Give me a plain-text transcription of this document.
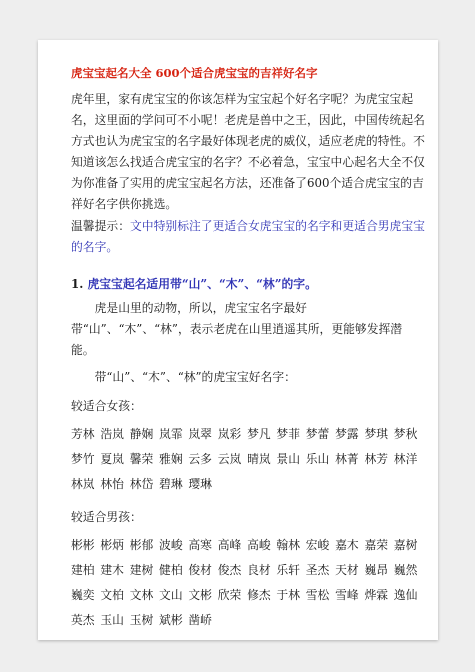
虎宝宝起名大全 600个适合虎宝宝的吉祥好名字

虎年里，家有虎宝宝的你该怎样为宝宝起个好名字呢？为虎宝宝起名，这里面的学问可不小呢！老虎是兽中之王，因此，中国传统起名方式也认为虎宝宝的名字最好体现老虎的威仪，适应老虎的特性。不知道该怎么找适合虎宝宝的名字？不必着急，宝宝中心起名大全不仅为你准备了实用的虎宝宝起名方法，还准备了600个适合虎宝宝的吉祥好名字供你挑选。

温馨提示：文中特别标注了更适合女虎宝宝的名字和更适合男虎宝宝的名字。

1. 虎宝宝起名适用带“山”、“木”、“林”的字。

虎是山里的动物，所以，虎宝宝名字最好带“山”、“木”、“林”，表示老虎在山里逍遥其所，更能够发挥潜能。

带“山”、“木”、“林”的虎宝宝好名字：

较适合女孩：

芳林 浩岚 静娴 岚霏 岚翠 岚彩 梦凡 梦菲 梦蕾 梦露 梦琪 梦秋 梦竹 夏岚 馨荣 雅娴 云多 云岚 晴岚 景山 乐山 林菁 林芳 林洋 林岚 林怡 林岱 碧琳 璎琳

较适合男孩：

彬彬 彬炳 彬郁 波峻 高寒 高峰 高峻 翰林 宏峻 嘉木 嘉荣 嘉树 建柏 建木 建树 健柏 俊材 俊杰 良材 乐轩 圣杰 天材 巍昂 巍然 巍奕 文柏 文林 文山 文彬 欣荣 修杰 于林 雪松 雪峰 烨霖 逸仙 英杰 玉山 玉树 斌彬 凿峤
